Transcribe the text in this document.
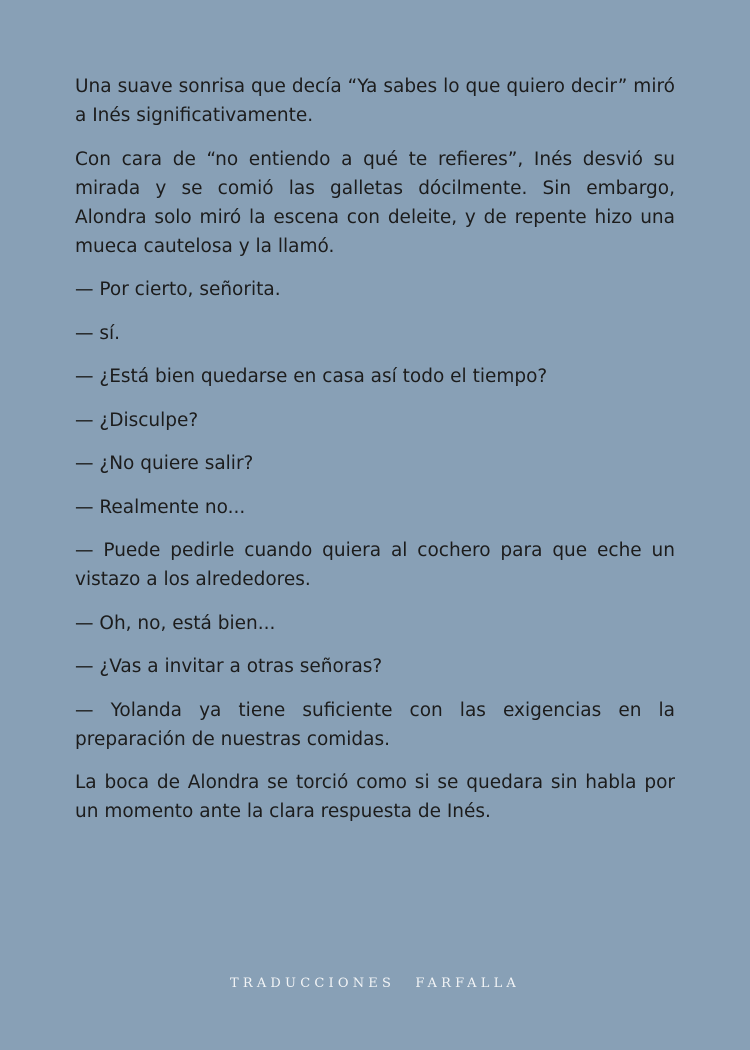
Una suave sonrisa que decía “Ya sabes lo que quiero decir” miró a Inés significativamente.

Con cara de “no entiendo a qué te refieres”, Inés desvió su mirada y se comió las galletas dócilmente. Sin embargo, Alondra solo miró la escena con deleite, y de repente hizo una mueca cautelosa y la llamó.

— Por cierto, señorita.

— sí.

— ¿Está bien quedarse en casa así todo el tiempo?

— ¿Disculpe?

— ¿No quiere salir?

— Realmente no...

— Puede pedirle cuando quiera al cochero para que eche un vistazo a los alrededores.

— Oh, no, está bien...

— ¿Vas a invitar a otras señoras?

— Yolanda ya tiene suficiente con las exigencias en la preparación de nuestras comidas.

La boca de Alondra se torció como si se quedara sin habla por un momento ante la clara respuesta de Inés.

TRADUCCIONES FARFALLA
